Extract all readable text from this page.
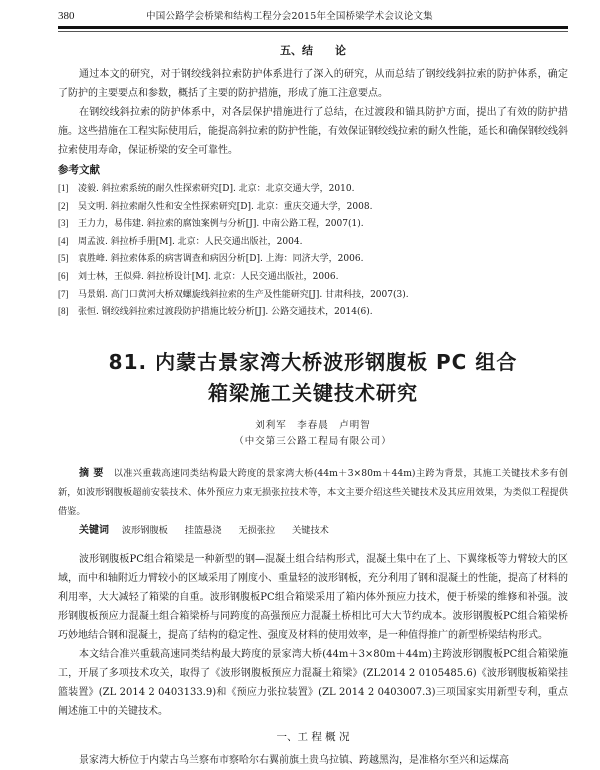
380	中国公路学会桥梁和结构工程分会2015年全国桥梁学术会议论文集
五、结　　论

通过本文的研究，对于钢绞线斜拉索防护体系进行了深入的研究，从而总结了钢绞线斜拉索的防护体系，确定了防护的主要要点和参数，概括了主要的防护措施，形成了施工注意要点。

在钢绞线斜拉索的防护体系中，对各层保护措施进行了总结，在过渡段和锚具防护方面，提出了有效的防护措施。这些措施在工程实际使用后，能提高斜拉索的防护性能，有效保证钢绞线拉索的耐久性能，延长和确保钢绞线斜拉索使用寿命，保证桥梁的安全可靠性。

参考文献
[1] 凌毅. 斜拉索系统的耐久性探索研究[D]. 北京：北京交通大学，2010.
[2] 吴文明. 斜拉索耐久性和安全性探索研究[D]. 北京：重庆交通大学，2008.
[3] 王力力，易伟建. 斜拉索的腐蚀案例与分析[J]. 中南公路工程，2007(1).
[4] 周孟波. 斜拉桥手册[M]. 北京：人民交通出版社，2004.
[5] 袁胜峰. 斜拉索体系的病害调查和病因分析[D]. 上海：同济大学，2006.
[6] 刘士林，王似舜. 斜拉桥设计[M]. 北京：人民交通出版社，2006.
[7] 马景娟. 高门口黄河大桥双螺旋线斜拉索的生产及性能研究[J]. 甘肃科技，2007(3).
[8] 张恒. 钢绞线斜拉索过渡段防护措施比较分析[J]. 公路交通技术，2014(6).
81. 内蒙古景家湾大桥波形钢腹板 PC 组合
箱梁施工关键技术研究
刘利军　李春晨　卢明智
（中交第三公路工程局有限公司）

摘要 以准兴重载高速同类结构最大跨度的景家湾大桥(44m＋3×80m＋44m)主跨为背景，其施工关键技术多有创新，如波形钢腹板超前安装技术、体外预应力束无损张拉技术等，本文主要介绍这些关键技术及其应用效果，为类似工程提供借鉴。

关键词 波形钢腹板 挂篮悬浇 无损张拉 关键技术

波形钢腹板PC组合箱梁是一种新型的钢—混凝土组合结构形式，混凝土集中在了上、下翼缘板等力臂较大的区域，而中和轴附近力臂较小的区域采用了刚度小、重量轻的波形钢板，充分利用了钢和混凝土的性能，提高了材料的利用率，大大减轻了箱梁的自重。波形钢腹板PC组合箱梁采用了箱内体外预应力技术，便于桥梁的维修和补强。波形钢腹板预应力混凝土组合箱梁桥与同跨度的高强预应力混凝土桥相比可大大节约成本。波形钢腹板PC组合箱梁桥巧妙地结合钢和混凝土，提高了结构的稳定性、强度及材料的使用效率，是一种值得推广的新型桥梁结构形式。

本文结合准兴重载高速同类结构最大跨度的景家湾大桥(44m＋3×80m＋44m)主跨波形钢腹板PC组合箱梁施工，开展了多项技术攻关，取得了《波形钢腹板预应力混凝土箱梁》(ZL2014 2 0105485.6)《波形钢腹板箱梁挂篮装置》(ZL 2014 2 0403133.9)和《预应力张拉装置》(ZL 2014 2 0403007.3)三项国家实用新型专利，重点阐述施工中的关键技术。

一、工 程 概 况

景家湾大桥位于内蒙古乌兰察布市察哈尔右翼前旗土贵乌拉镇、跨越黑沟，是准格尔至兴和运煤高
